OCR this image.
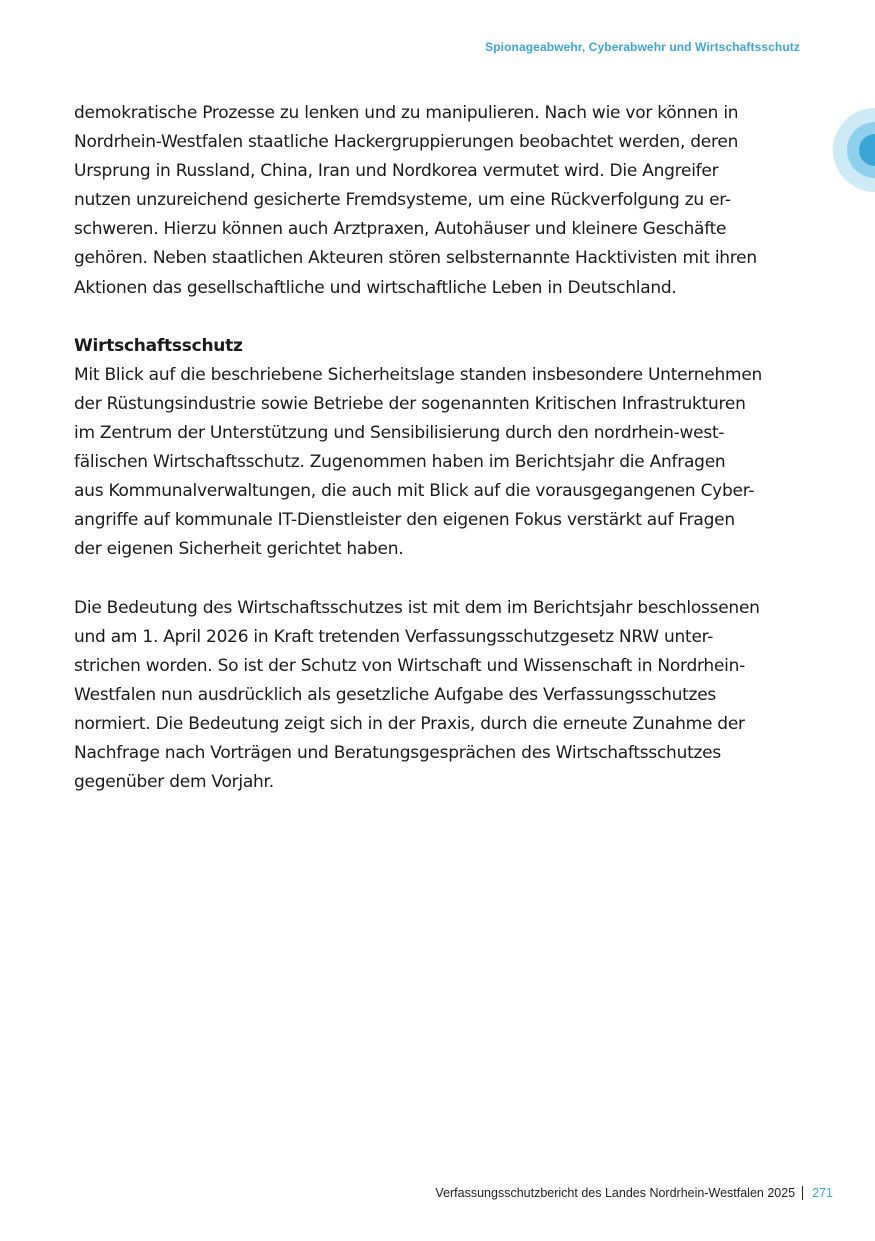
Spionageabwehr, Cyberabwehr und Wirtschaftsschutz

demokratische Prozesse zu lenken und zu manipulieren. Nach wie vor können in
Nordrhein-Westfalen staatliche Hackergruppierungen beobachtet werden, deren
Ursprung in Russland, China, Iran und Nordkorea vermutet wird. Die Angreifer
nutzen unzureichend gesicherte Fremdsysteme, um eine Rückverfolgung zu er-
schweren. Hierzu können auch Arztpraxen, Autohäuser und kleinere Geschäfte
gehören. Neben staatlichen Akteuren stören selbsternannte Hacktivisten mit ihren
Aktionen das gesellschaftliche und wirtschaftliche Leben in Deutschland.

Wirtschaftsschutz
Mit Blick auf die beschriebene Sicherheitslage standen insbesondere Unternehmen
der Rüstungsindustrie sowie Betriebe der sogenannten Kritischen Infrastrukturen
im Zentrum der Unterstützung und Sensibilisierung durch den nordrhein-west-
fälischen Wirtschaftsschutz. Zugenommen haben im Berichtsjahr die Anfragen
aus Kommunalverwaltungen, die auch mit Blick auf die vorausgegangenen Cyber-
angriffe auf kommunale IT-Dienstleister den eigenen Fokus verstärkt auf Fragen
der eigenen Sicherheit gerichtet haben.

Die Bedeutung des Wirtschaftsschutzes ist mit dem im Berichtsjahr beschlossenen
und am 1. April 2026 in Kraft tretenden Verfassungsschutzgesetz NRW unter-
strichen worden. So ist der Schutz von Wirtschaft und Wissenschaft in Nordrhein-
Westfalen nun ausdrücklich als gesetzliche Aufgabe des Verfassungsschutzes
normiert. Die Bedeutung zeigt sich in der Praxis, durch die erneute Zunahme der
Nachfrage nach Vorträgen und Beratungsgesprächen des Wirtschaftsschutzes
gegenüber dem Vorjahr.

Verfassungsschutzbericht des Landes Nordrhein-Westfalen 2025 271
